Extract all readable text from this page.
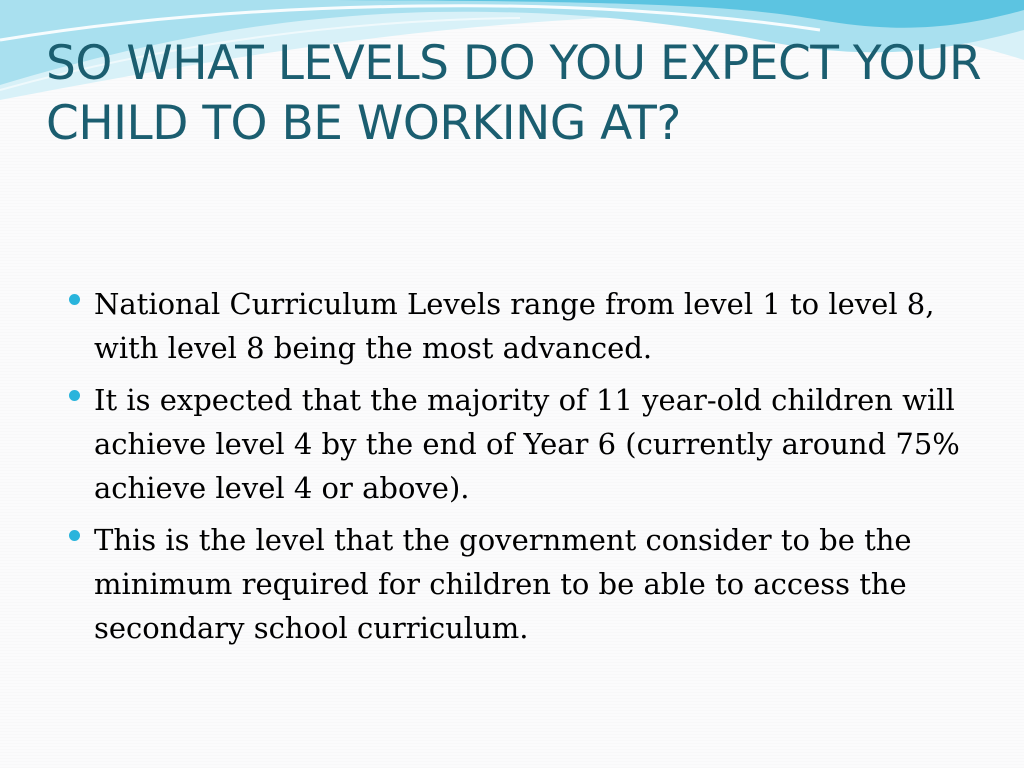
SO WHAT LEVELS DO YOU EXPECT YOUR CHILD TO BE WORKING AT?
National Curriculum Levels range from level 1 to level 8, with level 8 being the most advanced.
It is expected that the majority of 11 year-old children will achieve level 4 by the end of Year 6 (currently around 75% achieve level 4 or above).
This is the level that the government consider to be the minimum required for children to be able to access the secondary school curriculum.
